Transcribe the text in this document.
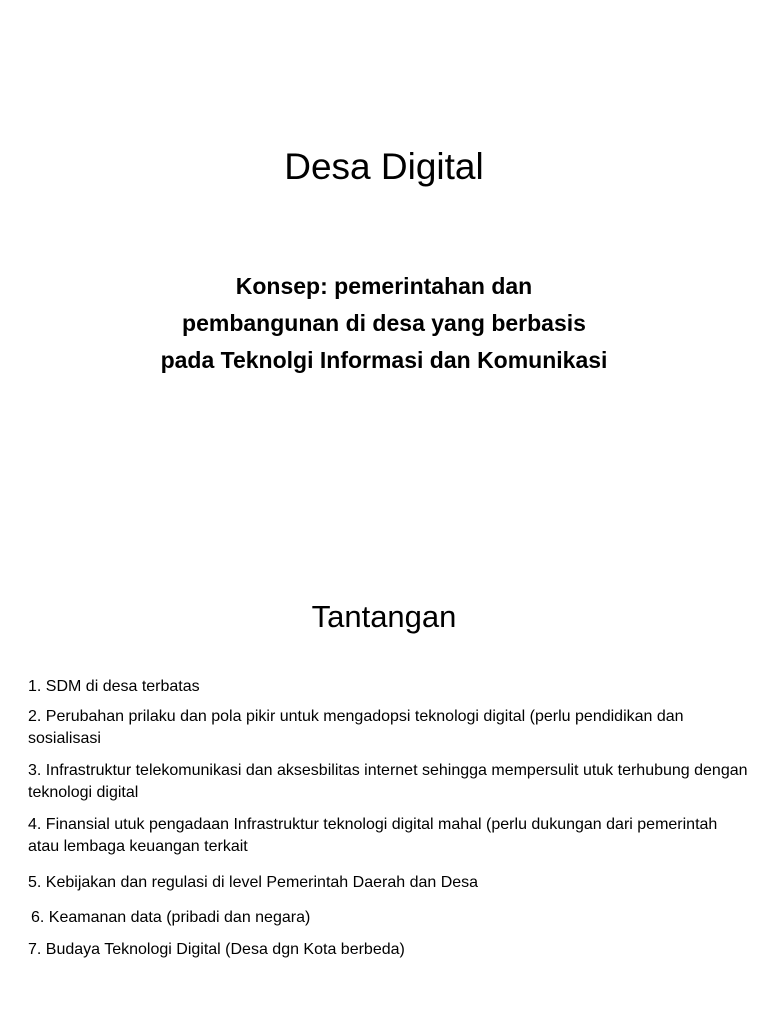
Desa Digital

Konsep: pemerintahan dan
pembangunan di desa yang berbasis
pada Teknolgi Informasi dan Komunikasi

Tantangan
1. SDM di desa terbatas
2. Perubahan prilaku dan pola pikir untuk mengadopsi teknologi digital (perlu pendidikan dan sosialisasi
3. Infrastruktur telekomunikasi dan aksesbilitas internet sehingga mempersulit utuk terhubung dengan teknologi digital
4. Finansial utuk pengadaan Infrastruktur teknologi digital mahal (perlu dukungan dari pemerintah atau lembaga keuangan terkait
5. Kebijakan dan regulasi di level Pemerintah Daerah dan Desa
6. Keamanan data (pribadi dan negara)
7. Budaya Teknologi Digital (Desa dgn Kota berbeda)
